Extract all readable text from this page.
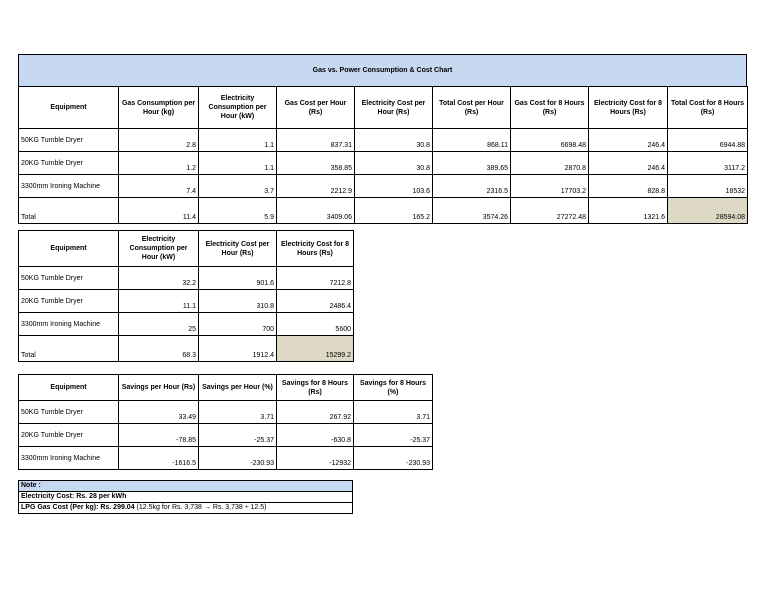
Gas vs. Power Consumption & Cost Chart
Equipment	Gas Consumption per Hour (kg)	Electricity Consumption per Hour (kW)	Gas Cost per Hour (Rs)	Electricity Cost per Hour (Rs)	Total Cost per Hour (Rs)	Gas Cost for 8 Hours (Rs)	Electricity Cost for 8 Hours (Rs)	Total Cost for 8 Hours (Rs)
50KG Tumble Dryer	2.8	1.1	837.31	30.8	868.11	6698.48	246.4	6944.88
20KG Tumble Dryer	1.2	1.1	358.85	30.8	389.65	2870.8	246.4	3117.2
3300mm Ironing Machine	7.4	3.7	2212.9	103.6	2316.5	17703.2	828.8	18532
Total	11.4	5.9	3409.06	165.2	3574.26	27272.48	1321.6	28594.08
Equipment	Electricity Consumption per Hour (kW)	Electricity Cost per Hour (Rs)	Electricity Cost for 8 Hours (Rs)
50KG Tumble Dryer	32.2	901.6	7212.8
20KG Tumble Dryer	11.1	310.8	2486.4
3300mm Ironing Machine	25	700	5600
Total	68.3	1912.4	15299.2
Equipment	Savings per Hour (Rs)	Savings per Hour (%)	Savings for 8 Hours (Rs)	Savings for 8 Hours (%)
50KG Tumble Dryer	33.49	3.71	267.92	3.71
20KG Tumble Dryer	-78.85	-25.37	-630.8	-25.37
3300mm Ironing Machine	-1616.5	-230.93	-12932	-230.93
Note :
Electricity Cost: Rs. 28 per kWh
LPG Gas Cost (Per kg): Rs. 299.04 (12.5kg for Rs. 3,738 → Rs. 3,738 ÷ 12.5)
